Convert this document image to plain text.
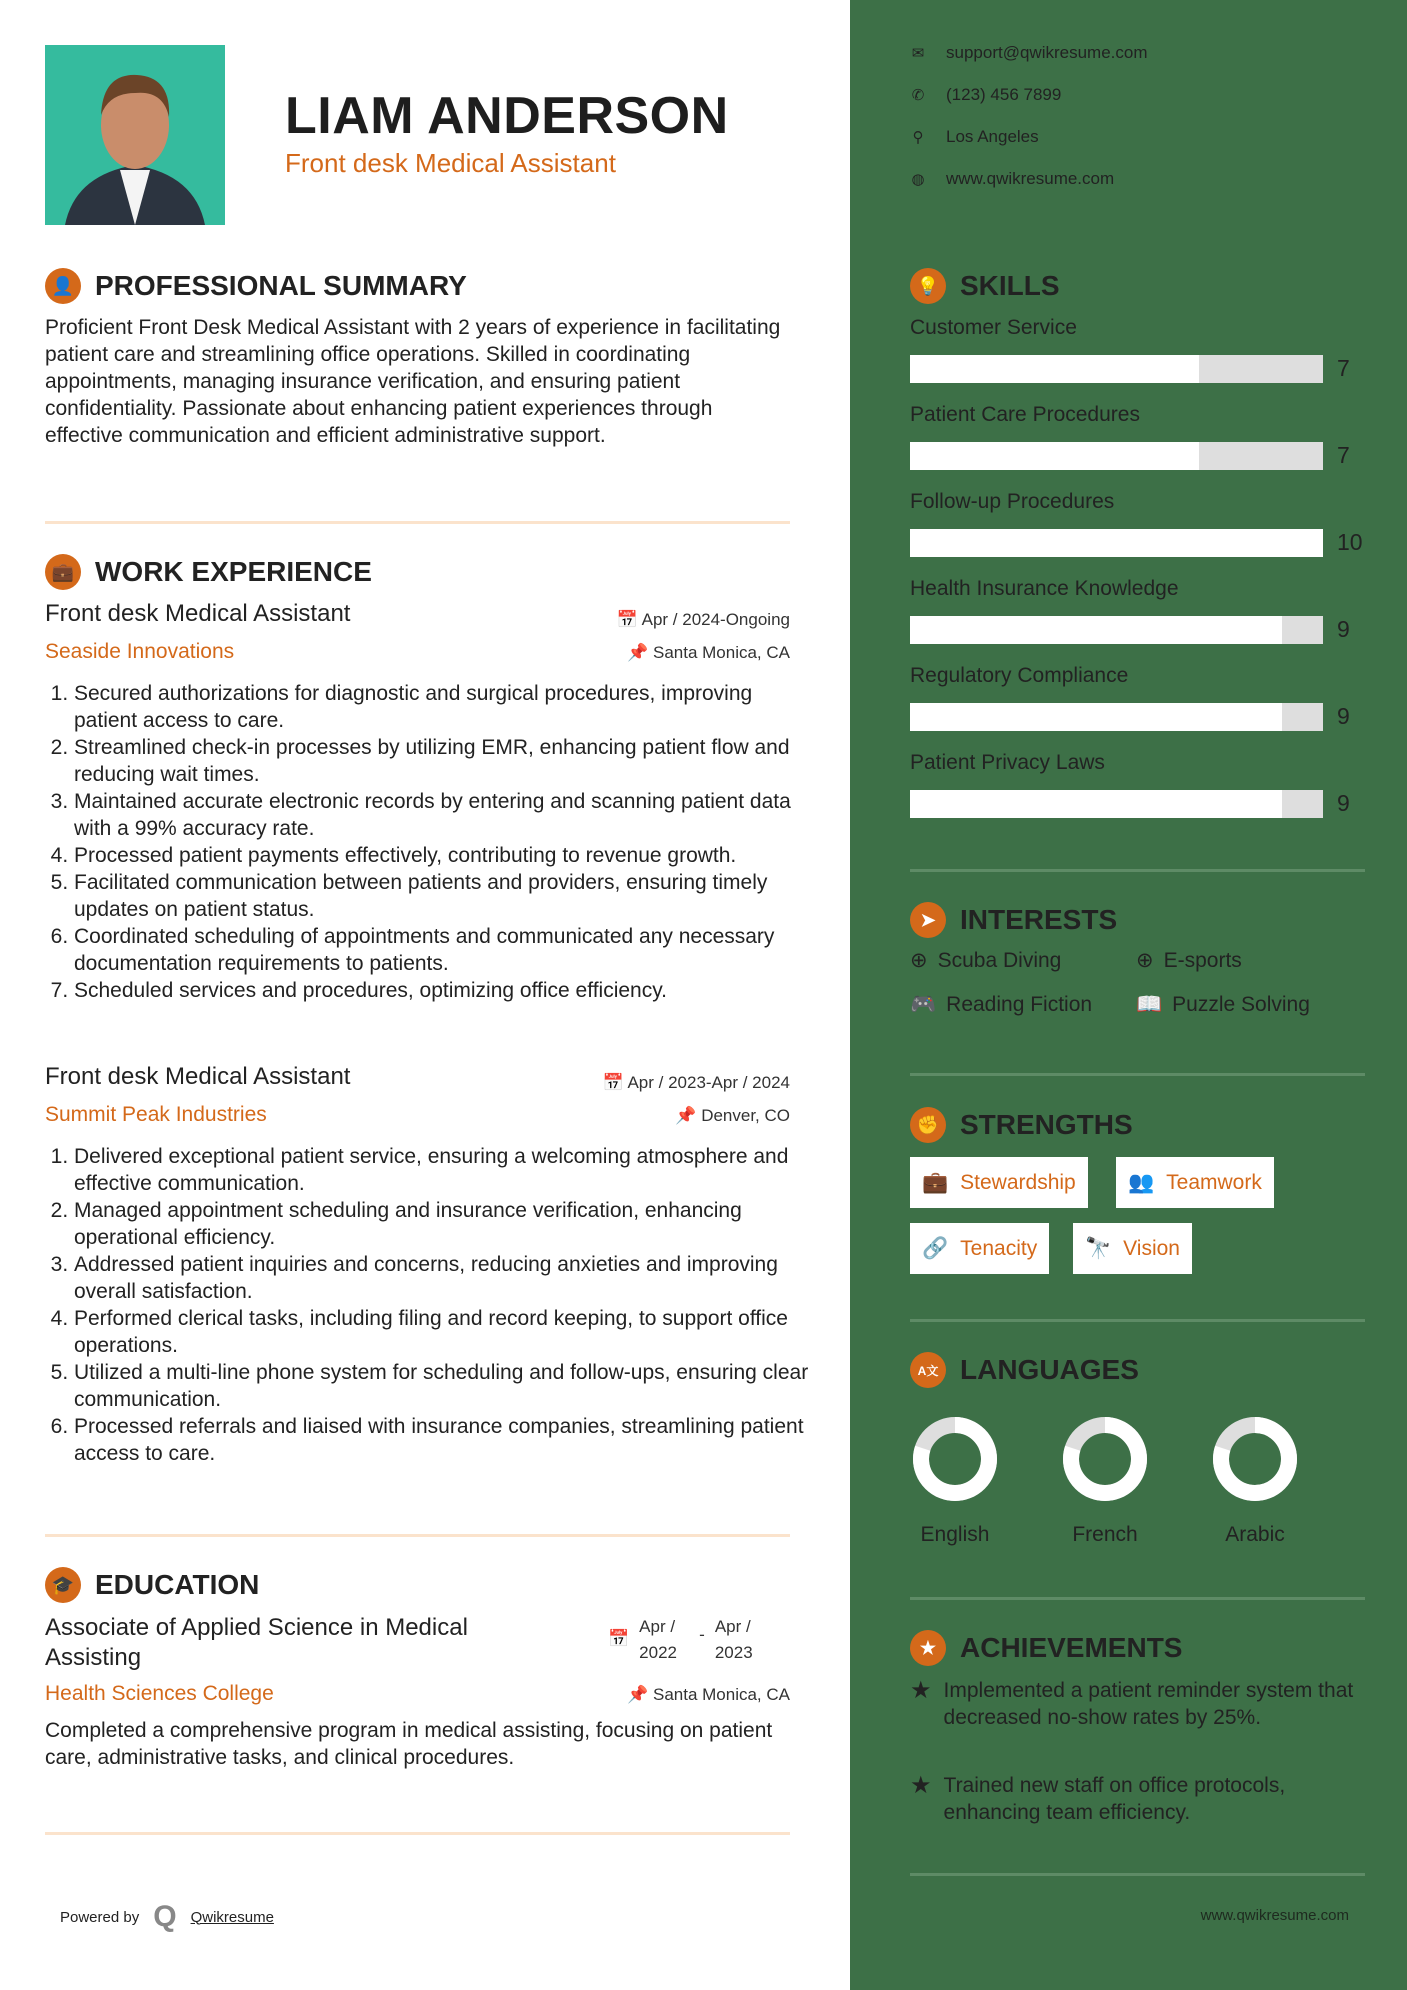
LIAM ANDERSON
Front desk Medical Assistant
👤 PROFESSIONAL SUMMARY

Proficient Front Desk Medical Assistant with 2 years of experience in facilitating patient care and streamlining office operations. Skilled in coordinating appointments, managing insurance verification, and ensuring patient confidentiality. Passionate about enhancing patient experiences through effective communication and efficient administrative support.

💼 WORK EXPERIENCE
Front desk Medical Assistant	📅 Apr / 2024-Ongoing
Seaside Innovations	📌 Santa Monica, CA
1. Secured authorizations for diagnostic and surgical procedures, improving patient access to care.
2. Streamlined check-in processes by utilizing EMR, enhancing patient flow and reducing wait times.
3. Maintained accurate electronic records by entering and scanning patient data with a 99% accuracy rate.
4. Processed patient payments effectively, contributing to revenue growth.
5. Facilitated communication between patients and providers, ensuring timely updates on patient status.
6. Coordinated scheduling of appointments and communicated any necessary documentation requirements to patients.
7. Scheduled services and procedures, optimizing office efficiency.
Front desk Medical Assistant	📅 Apr / 2023-Apr / 2024
Summit Peak Industries	📌 Denver, CO
1. Delivered exceptional patient service, ensuring a welcoming atmosphere and effective communication.
2. Managed appointment scheduling and insurance verification, enhancing operational efficiency.
3. Addressed patient inquiries and concerns, reducing anxieties and improving overall satisfaction.
4. Performed clerical tasks, including filing and record keeping, to support office operations.
5. Utilized a multi-line phone system for scheduling and follow-ups, ensuring clear communication.
6. Processed referrals and liaised with insurance companies, streamlining patient access to care.
🎓 EDUCATION
Associate of Applied Science in Medical Assisting
📅
Apr / 2022
- Apr / 2023
Health Sciences College	📌 Santa Monica, CA

Completed a comprehensive program in medical assisting, focusing on patient care, administrative tasks, and clinical procedures.

Powered by Q Qwikresume
✉ support@qwikresume.com
✆ (123) 456 7899
⚲ Los Angeles
◍ www.qwikresume.com
💡 SKILLS
Customer Service
7
Patient Care Procedures
7
Follow-up Procedures
10
Health Insurance Knowledge
9
Regulatory Compliance
9
Patient Privacy Laws
9
➤ INTERESTS
⊕ Scuba Diving	⊕ E-sports
🎮 Reading Fiction 📖 Puzzle Solving
✊ STRENGTHS
💼 Stewardship 👥 Teamwork
🔗 Tenacity 🔭 Vision
A文 LANGUAGES
English	French	Arabic
★ ACHIEVEMENTS
★ Implemented a patient reminder system that decreased no-show rates by 25%.
★ Trained new staff on office protocols, enhancing team efficiency.
www.qwikresume.com
